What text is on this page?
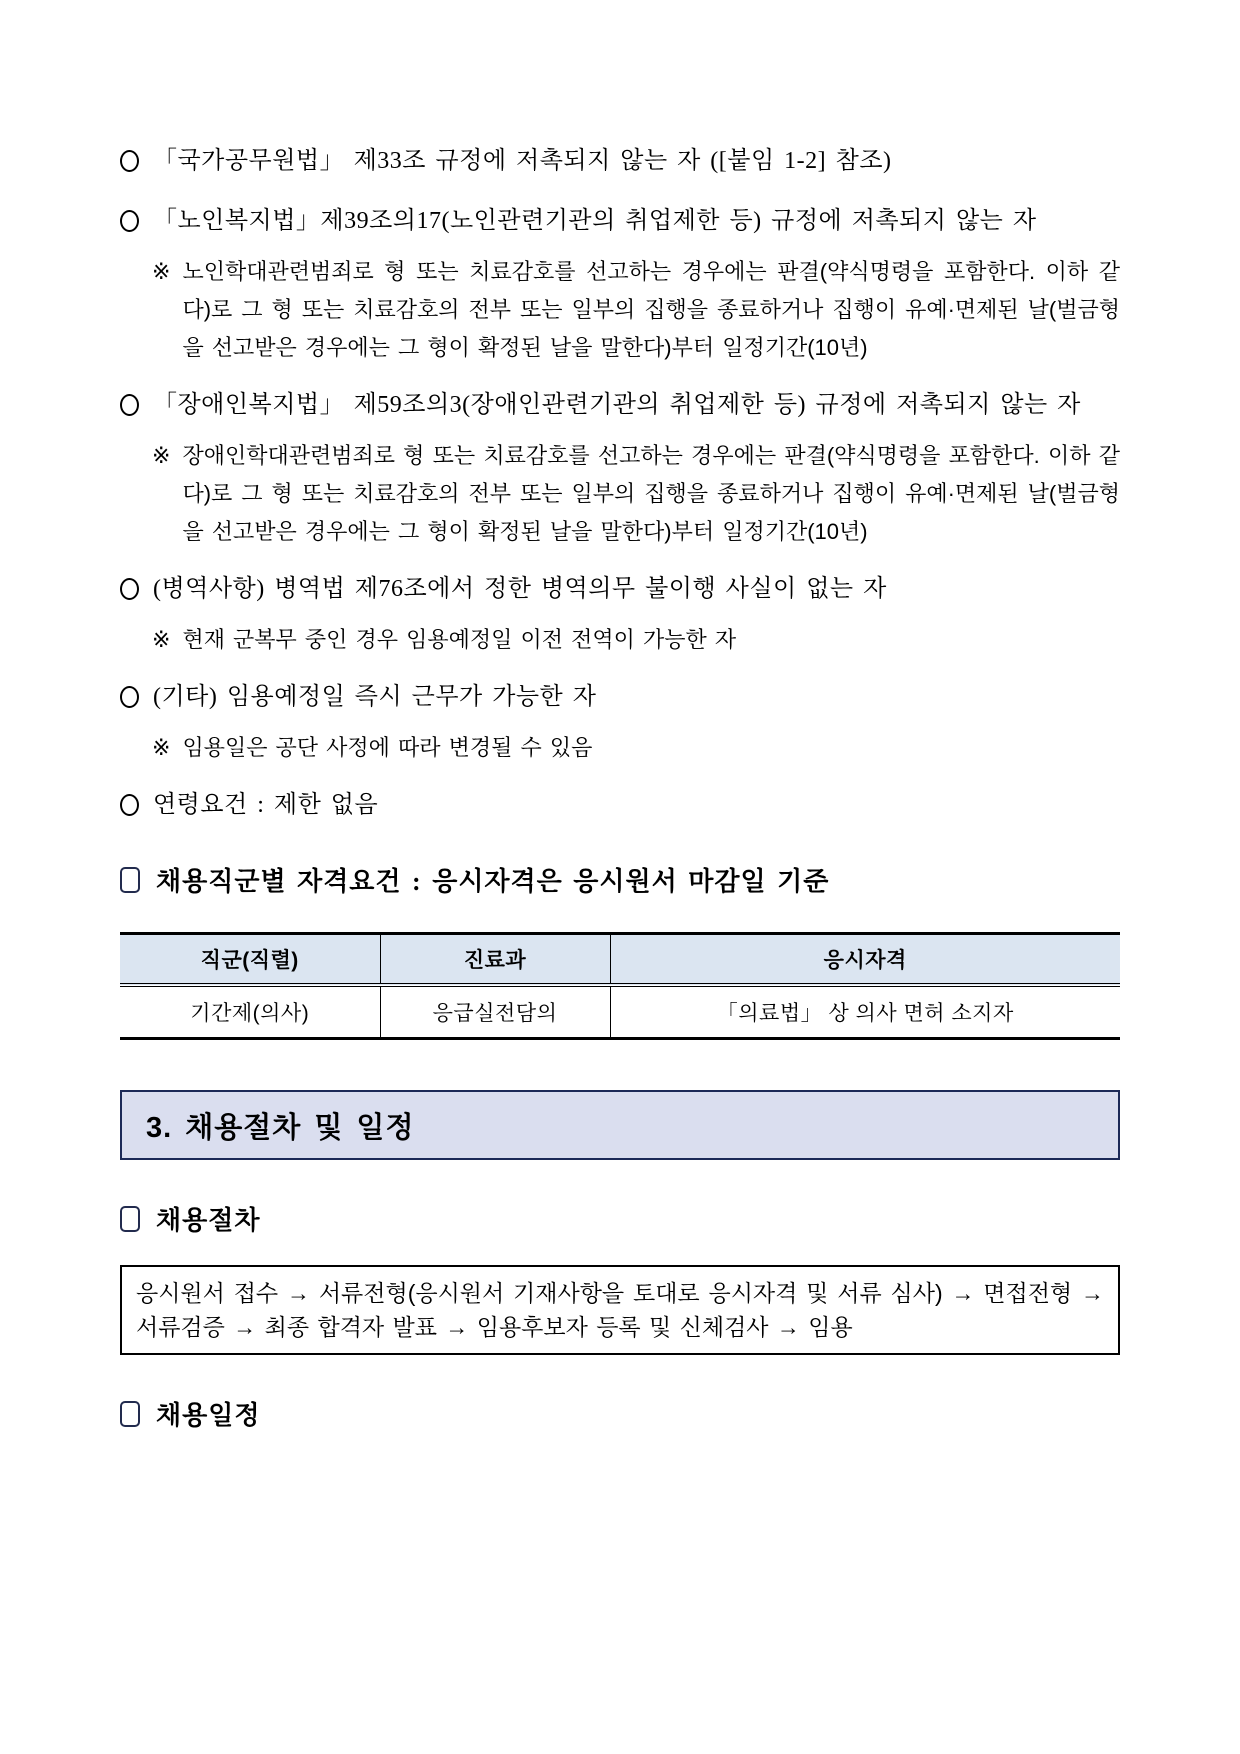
「국가공무원법」 제33조 규정에 저촉되지 않는 자 ([붙임 1-2] 참조)
「노인복지법」제39조의17(노인관련기관의 취업제한 등) 규정에 저촉되지 않는 자
※ 노인학대관련범죄로 형 또는 치료감호를 선고하는 경우에는 판결(약식명령을 포함한다. 이하 같다)로 그 형 또는 치료감호의 전부 또는 일부의 집행을 종료하거나 집행이 유예·면제된 날(벌금형을 선고받은 경우에는 그 형이 확정된 날을 말한다)부터 일정기간(10년)
「장애인복지법」 제59조의3(장애인관련기관의 취업제한 등) 규정에 저촉되지 않는 자
※ 장애인학대관련범죄로 형 또는 치료감호를 선고하는 경우에는 판결(약식명령을 포함한다. 이하 같다)로 그 형 또는 치료감호의 전부 또는 일부의 집행을 종료하거나 집행이 유예·면제된 날(벌금형을 선고받은 경우에는 그 형이 확정된 날을 말한다)부터 일정기간(10년)
(병역사항) 병역법 제76조에서 정한 병역의무 불이행 사실이 없는 자
※ 현재 군복무 중인 경우 임용예정일 이전 전역이 가능한 자
(기타) 임용예정일 즉시 근무가 가능한 자
※ 임용일은 공단 사정에 따라 변경될 수 있음
연령요건 : 제한 없음
채용직군별 자격요건 : 응시자격은 응시원서 마감일 기준
직군(직렬)	진료과	응시자격
기간제(의사)	응급실전담의	「의료법」 상 의사 면허 소지자
3. 채용절차 및 일정
채용절차
응시원서 접수 → 서류전형(응시원서 기재사항을 토대로 응시자격 및 서류 심사) → 면접전형 → 서류검증 → 최종 합격자 발표 → 임용후보자 등록 및 신체검사 → 임용
채용일정
